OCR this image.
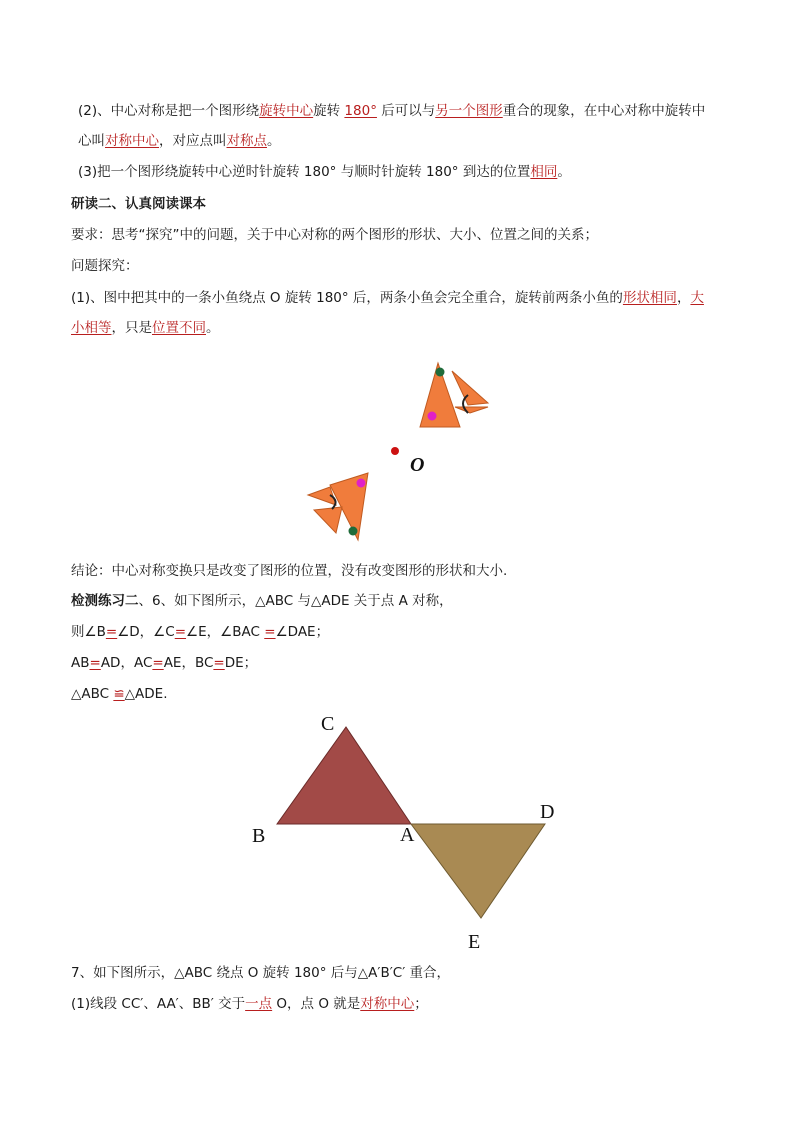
(2)、中心对称是把一个图形绕旋转中心旋转 180° 后可以与另一个图形重合的现象，在中心对称中旋转中
心叫对称中心，对应点叫对称点。
(3)把一个图形绕旋转中心逆时针旋转 180° 与顺时针旋转 180° 到达的位置相同。
研读二、认真阅读课本
要求：思考“探究”中的问题，关于中心对称的两个图形的形状、大小、位置之间的关系；
问题探究：
(1)、图中把其中的一条小鱼绕点 O 旋转 180° 后，两条小鱼会完全重合，旋转前两条小鱼的形状相同，大
小相等，只是位置不同。
O
结论：中心对称变换只是改变了图形的位置，没有改变图形的形状和大小.
检测练习二、6、如下图所示，△ABC 与△ADE 关于点 A 对称，
则∠B=∠D，∠C=∠E，∠BAC =∠DAE；
AB=AD，AC=AE，BC=DE；
△ABC ≌△ADE.
C
B	A
D
E
7、如下图所示，△ABC 绕点 O 旋转 180° 后与△A′B′C′ 重合，
(1)线段 CC′、AA′、BB′ 交于一点 O，点 O 就是对称中心；
